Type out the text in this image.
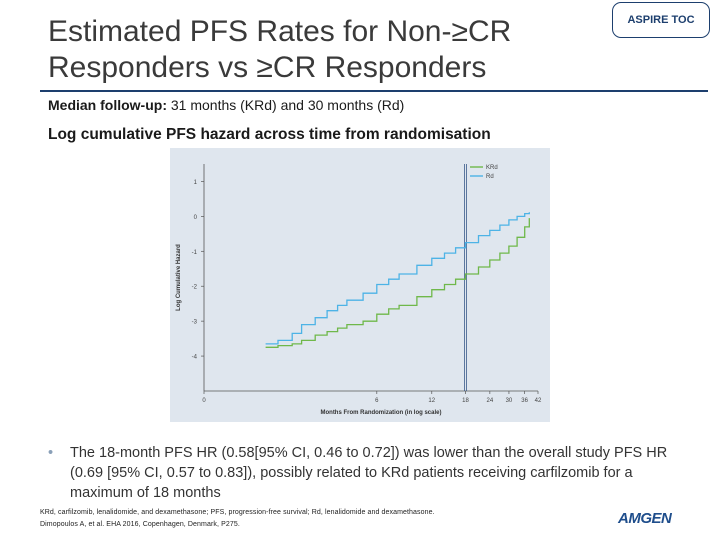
Estimated PFS Rates for Non-≥CR Responders vs ≥CR Responders
ASPIRE TOC
Median follow-up: 31 months (KRd) and 30 months (Rd)
Log cumulative PFS hazard across time from randomisation
1
0
-1
-2
-3
-4
0	6	12	18	24 30 36 42
KRd
Rd
Months From Randomization (in log scale)
Log Cumulative Hazard
• The 18-month PFS HR (0.58[95% CI, 0.46 to 0.72]) was lower than the overall study PFS HR (0.69 [95% CI, 0.57 to 0.83]), possibly related to KRd patients receiving carfilzomib for a maximum of 18 months
KRd, carfilzomib, lenalidomide, and dexamethasone; PFS, progression-free survival; Rd, lenalidomide and dexamethasone.
Dimopoulos A, et al. EHA 2016, Copenhagen, Denmark, P275.	AMGEN
